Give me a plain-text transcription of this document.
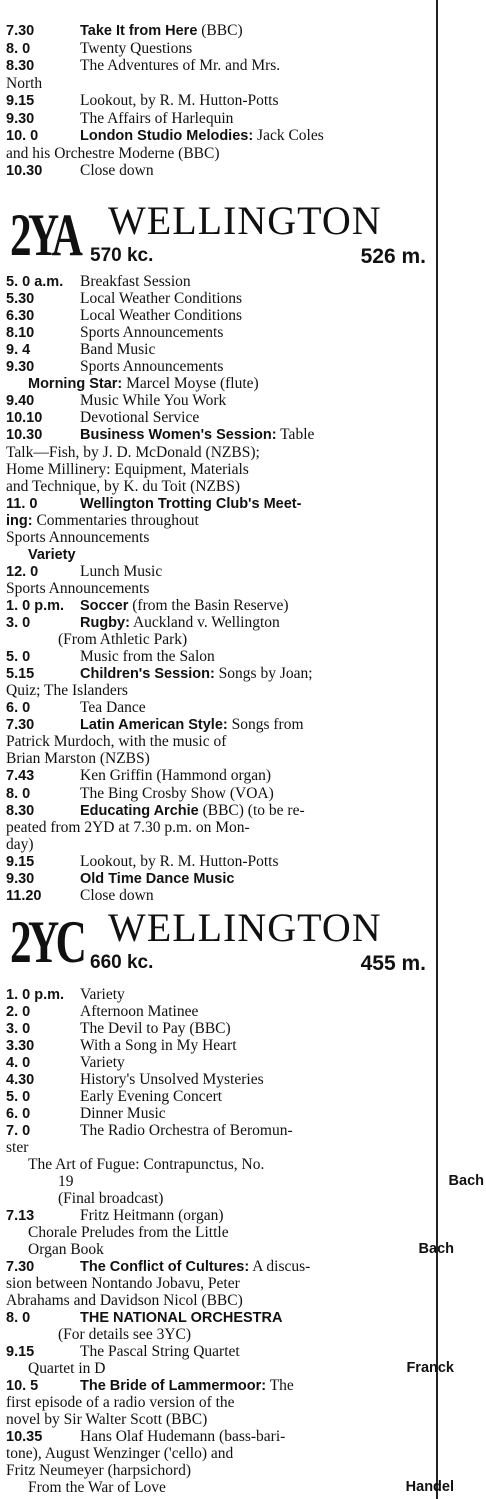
7.30	Take It from Here (BBC)
8. 0	Twenty Questions
8.30	The Adventures of Mr. and Mrs.
North
9.15	Lookout, by R. M. Hutton-Potts
9.30	The Affairs of Harlequin
10. 0	London Studio Melodies: Jack Coles
and his Orchestre Moderne (BBC)
10.30 Close down
2YA WELLINGTON
570 kc.	526 m.
5. 0 a.m. Breakfast Session
5.30	Local Weather Conditions
6.30	Local Weather Conditions
8.10	Sports Announcements
9. 4	Band Music
9.30	Sports Announcements
Morning Star: Marcel Moyse (flute)
9.40	Music While You Work
10.10 Devotional Service
10.30	Business Women's Session: Table
Talk—Fish, by J. D. McDonald (NZBS);
Home Millinery: Equipment, Materials
and Technique, by K. du Toit (NZBS)
11. 0	Wellington Trotting Club's Meet-
ing: Commentaries throughout
Sports Announcements
Variety
12. 0	Lunch Music
Sports Announcements
1. 0 p.m. Soccer (from the Basin Reserve)
3. 0	Rugby: Auckland v. Wellington
(From Athletic Park)
5. 0	Music from the Salon
5.15	Children's Session: Songs by Joan;
Quiz; The Islanders
6. 0	Tea Dance
7.30	Latin American Style: Songs from
Patrick Murdoch, with the music of
Brian Marston (NZBS)
7.43	Ken Griffin (Hammond organ)
8. 0	The Bing Crosby Show (VOA)
8.30	Educating Archie (BBC) (to be re-
peated from 2YD at 7.30 p.m. on Mon-
day)
9.15	Lookout, by R. M. Hutton-Potts
9.30	Old Time Dance Music
11.20 Close down
2YC WELLINGTON
660 kc.	455 m.
1. 0 p.m. Variety
2. 0	Afternoon Matinee
3. 0	The Devil to Pay (BBC)
3.30	With a Song in My Heart
4. 0	Variety
4.30	History's Unsolved Mysteries
5. 0	Early Evening Concert
6. 0	Dinner Music
7. 0	The Radio Orchestra of Beromun-
ster
The Art of Fugue: Contrapunctus, No.
19	Bach
(Final broadcast)
7.13	Fritz Heitmann (organ)
Chorale Preludes from the Little
Organ Book	Bach
7.30	The Conflict of Cultures: A discus-
sion between Nontando Jobavu, Peter
Abrahams and Davidson Nicol (BBC)
8. 0	THE NATIONAL ORCHESTRA
(For details see 3YC)
9.15	The Pascal String Quartet
Quartet in D	Franck
10. 5	The Bride of Lammermoor: The
first episode of a radio version of the
novel by Sir Walter Scott (BBC)
10.35 Hans Olaf Hudemann (bass-bari-
tone), August Wenzinger ('cello) and
Fritz Neumeyer (harpsichord)
From the War of Love	Handel
